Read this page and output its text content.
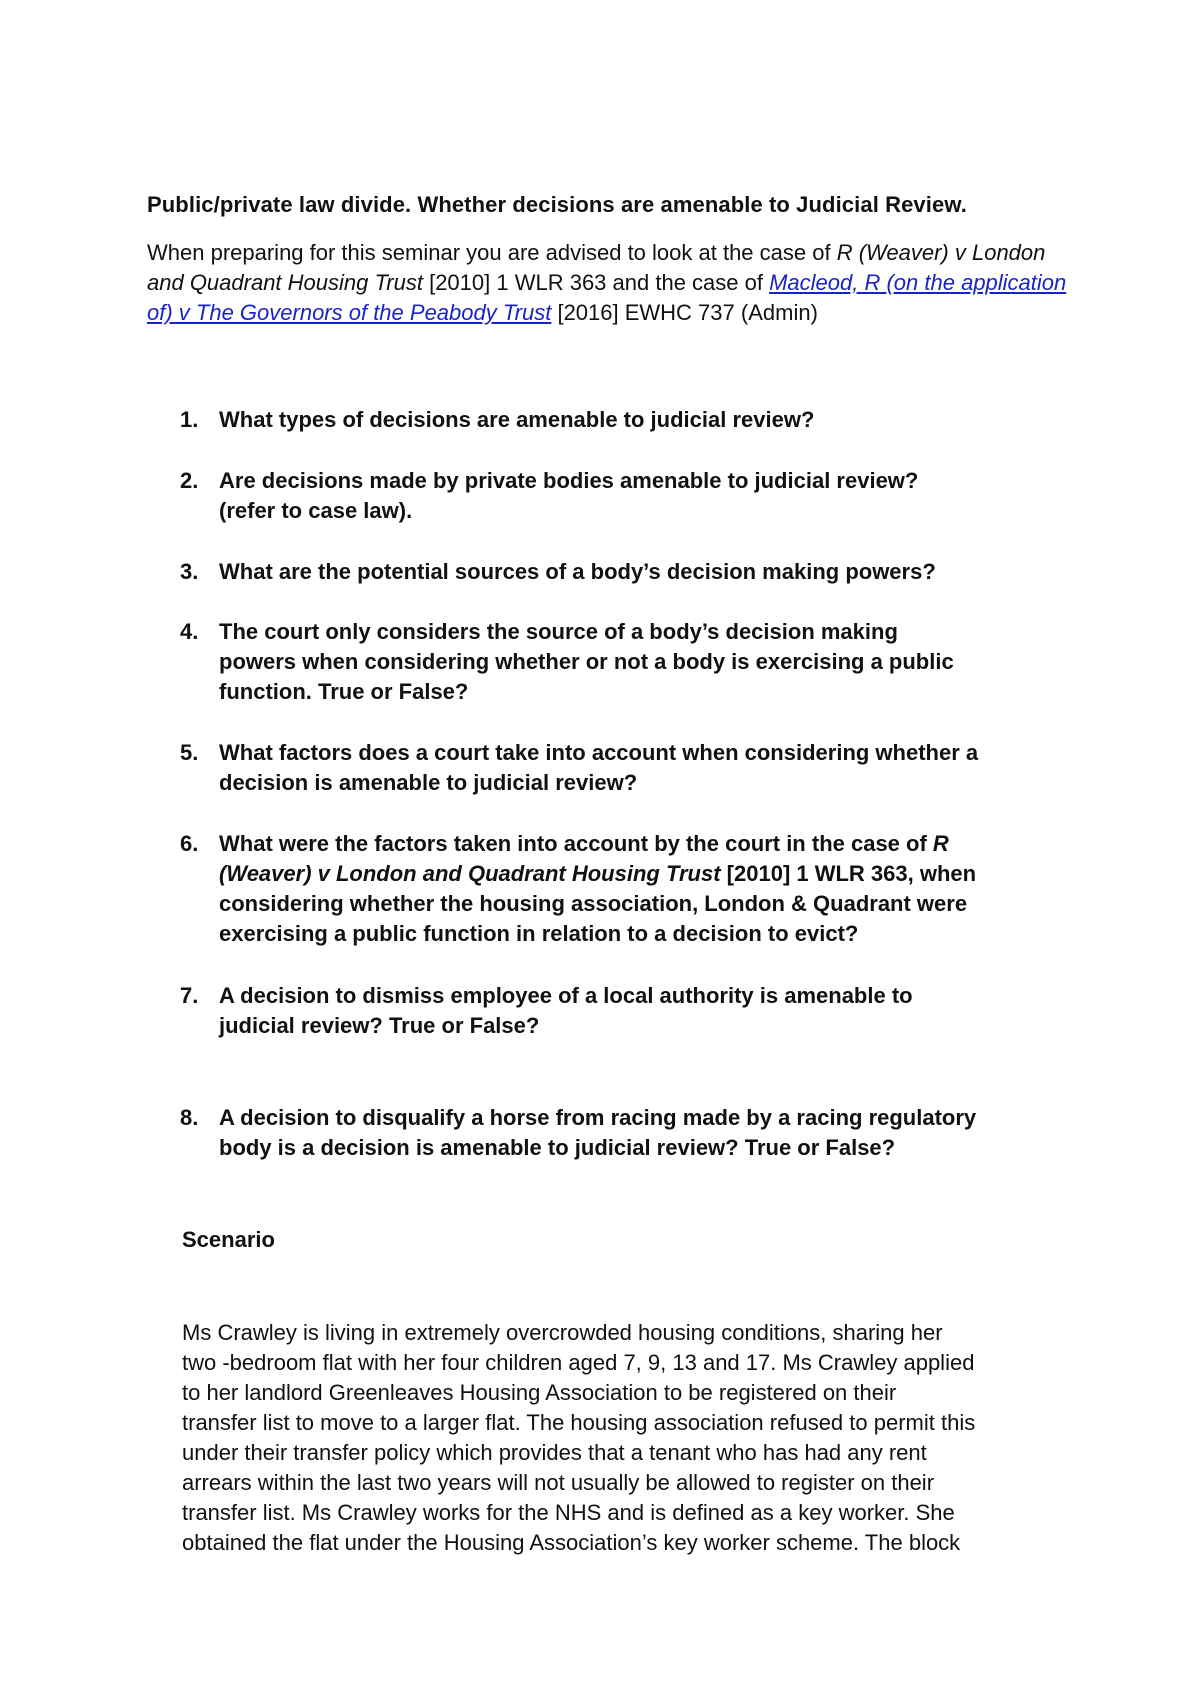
Public/private law divide. Whether decisions are amenable to Judicial Review.

When preparing for this seminar you are advised to look at the case of R (Weaver) v London and Quadrant Housing Trust [2010] 1 WLR 363 and the case of Macleod, R (on the application of) v The Governors of the Peabody Trust [2016] EWHC 737 (Admin)

1. What types of decisions are amenable to judicial review?
2. Are decisions made by private bodies amenable to judicial review?
(refer to case law).
3. What are the potential sources of a body’s decision making powers?
4. The court only considers the source of a body’s decision making
powers when considering whether or not a body is exercising a public
function. True or False?
5. What factors does a court take into account when considering whether a
decision is amenable to judicial review?
6. What were the factors taken into account by the court in the case of R
(Weaver) v London and Quadrant Housing Trust [2010] 1 WLR 363, when
considering whether the housing association, London & Quadrant were
exercising a public function in relation to a decision to evict?
7. A decision to dismiss employee of a local authority is amenable to
judicial review? True or False?
8. A decision to disqualify a horse from racing made by a racing regulatory
body is a decision is amenable to judicial review? True or False?
Scenario

Ms Crawley is living in extremely overcrowded housing conditions, sharing her
two -bedroom flat with her four children aged 7, 9, 13 and 17. Ms Crawley applied
to her landlord Greenleaves Housing Association to be registered on their
transfer list to move to a larger flat. The housing association refused to permit this
under their transfer policy which provides that a tenant who has had any rent
arrears within the last two years will not usually be allowed to register on their
transfer list. Ms Crawley works for the NHS and is defined as a key worker. She
obtained the flat under the Housing Association’s key worker scheme. The block
